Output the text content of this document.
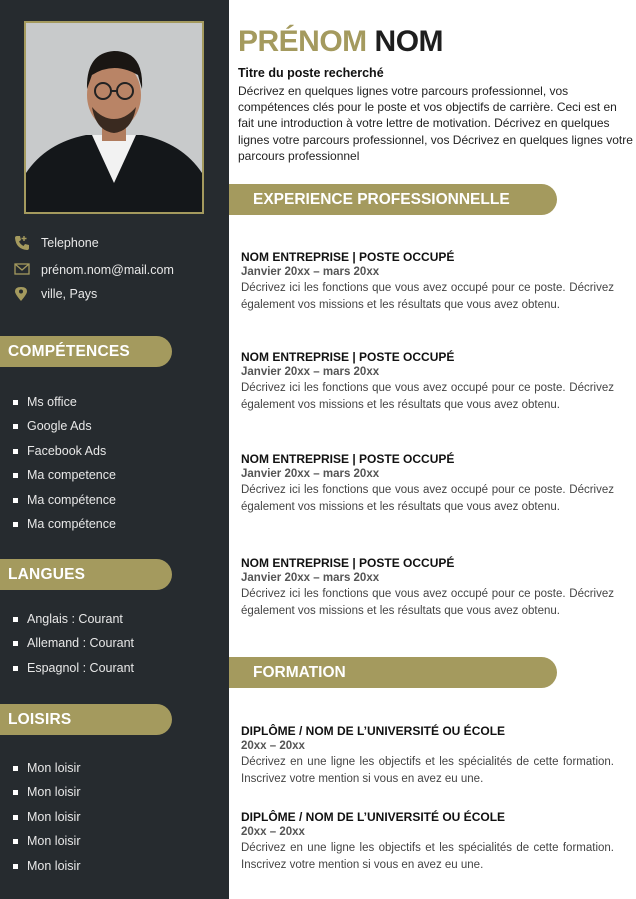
Telephone
prénom.nom@mail.com
ville, Pays
COMPÉTENCES
Ms office
Google Ads
Facebook Ads
Ma competence
Ma compétence
Ma compétence
LANGUES
Anglais : Courant
Allemand : Courant
Espagnol : Courant
LOISIRS
Mon loisir
Mon loisir
Mon loisir
Mon loisir
Mon loisir
PRÉNOM NOM
Titre du poste recherché
Décrivez en quelques lignes votre parcours professionnel, vos compétences clés pour le poste et vos objectifs de carrière. Ceci est en fait une introduction à votre lettre de motivation. Décrivez en quelques lignes votre parcours professionnel, vos Décrivez en quelques lignes votre parcours professionnel
EXPERIENCE PROFESSIONNELLE
NOM ENTREPRISE | POSTE OCCUPÉ
Janvier 20xx – mars 20xx
Décrivez ici les fonctions que vous avez occupé pour ce poste. Décrivez également vos missions et les résultats que vous avez obtenu.
NOM ENTREPRISE | POSTE OCCUPÉ
Janvier 20xx – mars 20xx
Décrivez ici les fonctions que vous avez occupé pour ce poste. Décrivez également vos missions et les résultats que vous avez obtenu.
NOM ENTREPRISE | POSTE OCCUPÉ
Janvier 20xx – mars 20xx
Décrivez ici les fonctions que vous avez occupé pour ce poste. Décrivez également vos missions et les résultats que vous avez obtenu.
NOM ENTREPRISE | POSTE OCCUPÉ
Janvier 20xx – mars 20xx
Décrivez ici les fonctions que vous avez occupé pour ce poste. Décrivez également vos missions et les résultats que vous avez obtenu.
FORMATION
DIPLÔME / NOM DE L’UNIVERSITÉ OU ÉCOLE
20xx – 20xx
Décrivez en une ligne les objectifs et les spécialités de cette formation. Inscrivez votre mention si vous en avez eu une.
DIPLÔME / NOM DE L’UNIVERSITÉ OU ÉCOLE
20xx – 20xx
Décrivez en une ligne les objectifs et les spécialités de cette formation. Inscrivez votre mention si vous en avez eu une.
